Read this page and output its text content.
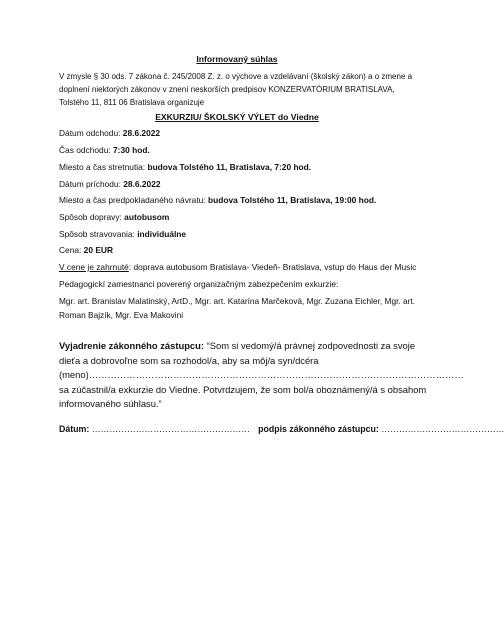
Informovaný súhlas
V zmysle § 30 ods. 7 zákona č. 245/2008 Z. z. o výchove a vzdelávaní (školský zákon) a o zmene a doplnení niektorých zákonov v znení neskorších predpisov KONZERVATÓRIUM BRATISLAVA, Tolstého 11, 811 06 Bratislava organizuje
EXKURZIU/ ŠKOLSKÝ VÝLET do Viedne
Dátum odchodu: 28.6.2022
Čas odchodu: 7:30 hod.
Miesto a čas stretnutia: budova Tolstého 11, Bratislava, 7:20 hod.
Dátum príchodu: 28.6.2022
Miesto a čas predpokladaného návratu: budova Tolstého 11, Bratislava, 19:00 hod.
Spôsob dopravy: autobusom
Spôsob stravovania: individuálne
Cena: 20 EUR
V cene je zahrnuté: doprava autobusom Bratislava- Viedeň- Bratislava, vstup do Haus der Music
Pedagogickí zamestnanci poverený organizačným zabezpečením exkurzie:
Mgr. art. Branislav Malatinský, ArtD., Mgr. art. Katarína Marčeková, Mgr. Zuzana Eichler, Mgr. art. Roman Bajzík, Mgr. Eva Makovini
Vyjadrenie zákonného zástupcu: “Som si vedomý/á právnej zodpovednosti za svoje dieťa a dobrovoľne som sa rozhodol/a, aby sa môj/a syn/dcéra (meno)………………………………………………………………………………………………………… sa zúčastnil/a exkurzie do Viedne. Potvrdzujem, že som bol/a oboznámený/á s obsahom informovaného súhlasu.”
Dátum: ……………………………………………… podpis zákonného zástupcu: ……………………………………
